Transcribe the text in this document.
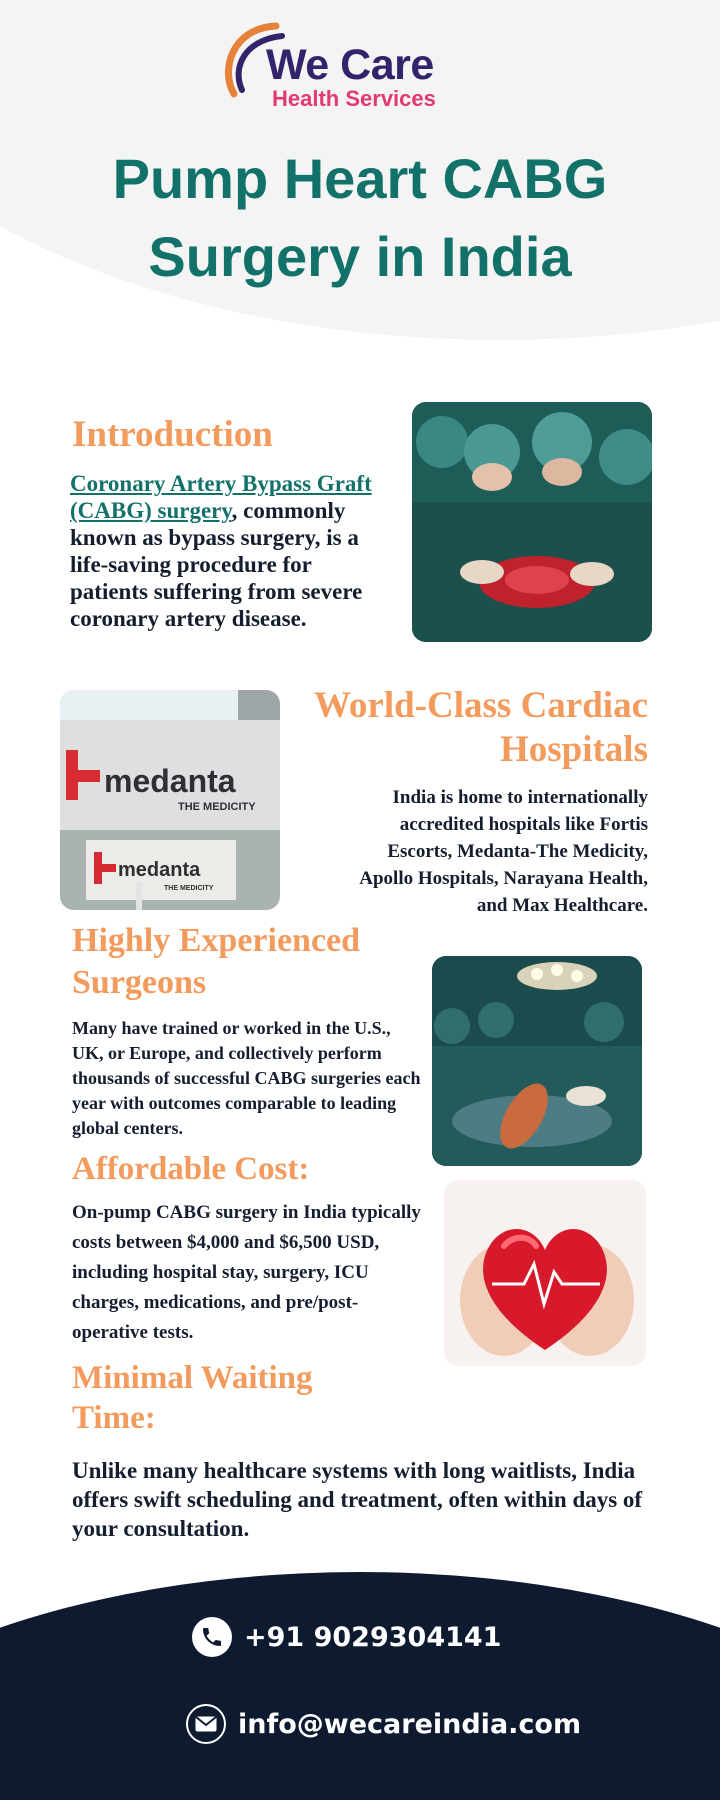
We Care
Health Services
Pump Heart CABG Surgery in India
Introduction

Coronary Artery Bypass Graft (CABG) surgery, commonly known as bypass surgery, is a life-saving procedure for patients suffering from severe coronary artery disease.

medanta
THE MEDICITY
medanta
THE MEDICITY
World-Class Cardiac Hospitals

India is home to internationally accredited hospitals like Fortis Escorts, Medanta-The Medicity, Apollo Hospitals, Narayana Health, and Max Healthcare.

Highly Experienced Surgeons

Many have trained or worked in the U.S., UK, or Europe, and collectively perform thousands of successful CABG surgeries each year with outcomes comparable to leading global centers.

Affordable Cost:

On-pump CABG surgery in India typically costs between $4,000 and $6,500 USD, including hospital stay, surgery, ICU charges, medications, and pre/post-operative tests.

Minimal Waiting Time:

Unlike many healthcare systems with long waitlists, India offers swift scheduling and treatment, often within days of your consultation.

+91 9029304141
info@wecareindia.com
